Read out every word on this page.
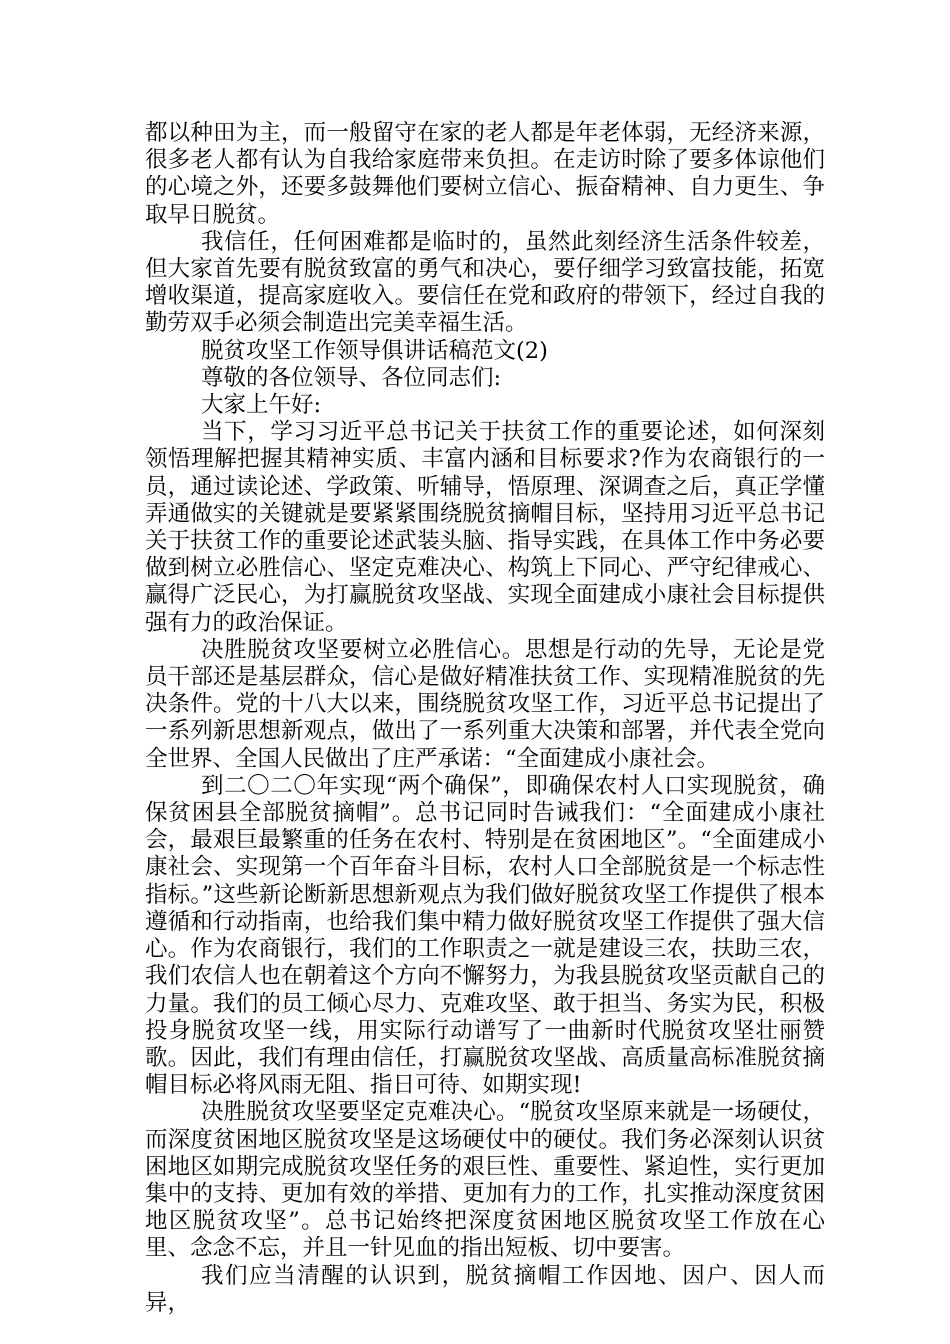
都以种田为主，而一般留守在家的老人都是年老体弱，无经济来源，很多老人都有认为自我给家庭带来负担。在走访时除了要多体谅他们的心境之外，还要多鼓舞他们要树立信心、振奋精神、自力更生、争取早日脱贫。

我信任，任何困难都是临时的，虽然此刻经济生活条件较差，但大家首先要有脱贫致富的勇气和决心，要仔细学习致富技能，拓宽增收渠道，提高家庭收入。要信任在党和政府的带领下，经过自我的勤劳双手必须会制造出完美幸福生活。

脱贫攻坚工作领导俱讲话稿范文(2)

尊敬的各位领导、各位同志们:

大家上午好:

当下，学习习近平总书记关于扶贫工作的重要论述，如何深刻领悟理解把握其精神实质、丰富内涵和目标要求?作为农商银行的一员，通过读论述、学政策、听辅导，悟原理、深调查之后，真正学懂弄通做实的关键就是要紧紧围绕脱贫摘帽目标，坚持用习近平总书记关于扶贫工作的重要论述武装头脑、指导实践，在具体工作中务必要做到树立必胜信心、坚定克难决心、构筑上下同心、严守纪律戒心、赢得广泛民心，为打赢脱贫攻坚战、实现全面建成小康社会目标提供强有力的政治保证。

决胜脱贫攻坚要树立必胜信心。思想是行动的先导，无论是党员干部还是基层群众，信心是做好精准扶贫工作、实现精准脱贫的先决条件。党的十八大以来，围绕脱贫攻坚工作，习近平总书记提出了一系列新思想新观点，做出了一系列重大决策和部署，并代表全党向全世界、全国人民做出了庄严承诺：“全面建成小康社会。

到二〇二〇年实现“两个确保”，即确保农村人口实现脱贫，确保贫困县全部脱贫摘帽”。总书记同时告诫我们：“全面建成小康社会，最艰巨最繁重的任务在农村、特别是在贫困地区”。“全面建成小康社会、实现第一个百年奋斗目标，农村人口全部脱贫是一个标志性指标。”这些新论断新思想新观点为我们做好脱贫攻坚工作提供了根本遵循和行动指南，也给我们集中精力做好脱贫攻坚工作提供了强大信心。作为农商银行，我们的工作职责之一就是建设三农，扶助三农，我们农信人也在朝着这个方向不懈努力，为我县脱贫攻坚贡献自己的力量。我们的员工倾心尽力、克难攻坚、敢于担当、务实为民，积极投身脱贫攻坚一线，用实际行动谱写了一曲新时代脱贫攻坚壮丽赞歌。因此，我们有理由信任，打赢脱贫攻坚战、高质量高标准脱贫摘帽目标必将风雨无阻、指日可待、如期实现!

决胜脱贫攻坚要坚定克难决心。“脱贫攻坚原来就是一场硬仗，而深度贫困地区脱贫攻坚是这场硬仗中的硬仗。我们务必深刻认识贫困地区如期完成脱贫攻坚任务的艰巨性、重要性、紧迫性，实行更加集中的支持、更加有效的举措、更加有力的工作，扎实推动深度贫困地区脱贫攻坚”。总书记始终把深度贫困地区脱贫攻坚工作放在心里、念念不忘，并且一针见血的指出短板、切中要害。

我们应当清醒的认识到，脱贫摘帽工作因地、因户、因人而异，
